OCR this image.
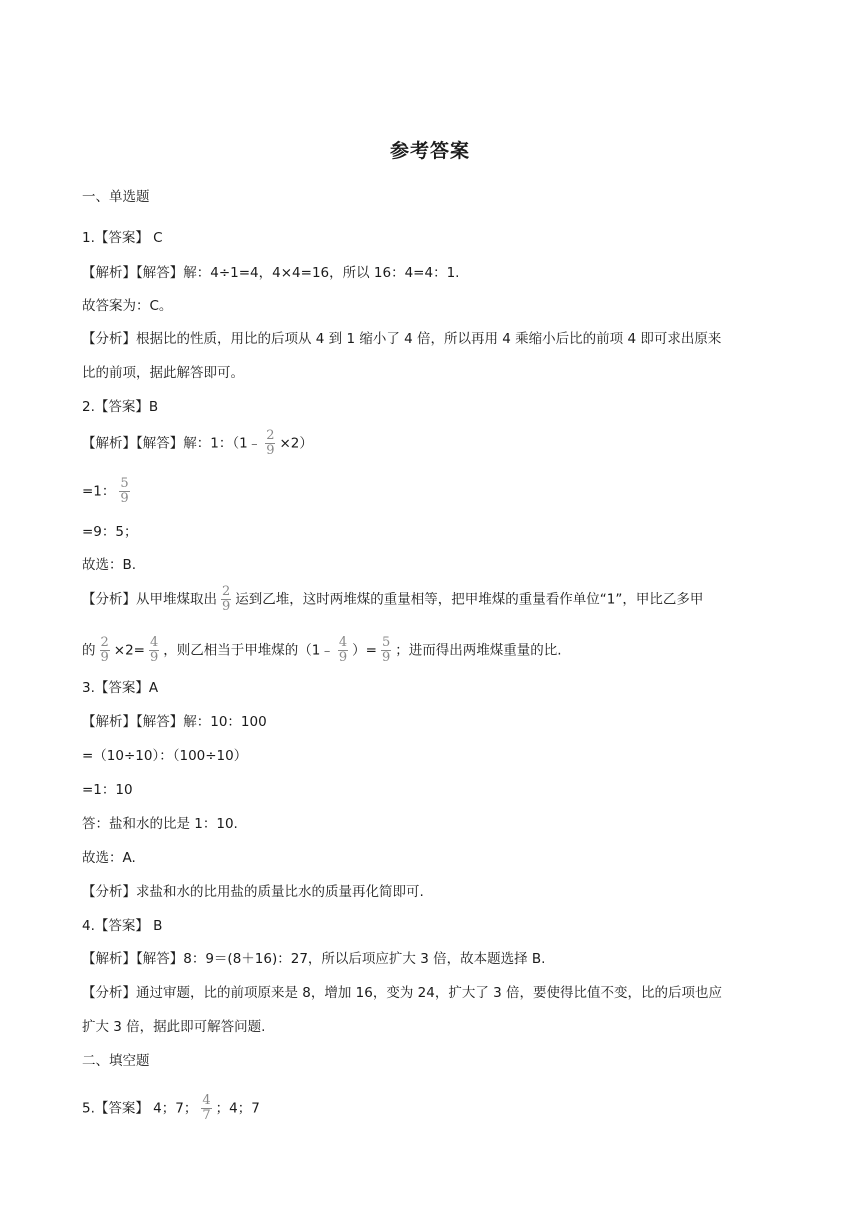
参考答案
一、单选题
1.【答案】 C
【解析】【解答】解：4÷1=4，4×4=16，所以 16：4=4：1.
故答案为：C。
【分析】根据比的性质，用比的后项从 4 到 1 缩小了 4 倍，所以再用 4 乘缩小后比的前项 4 即可求出原来
比的前项，据此解答即可。
2.【答案】B
【解析】【解答】解：1：（1﹣ $\frac{2}{9} \times 2$）
=1： $\frac{5}{9}$
=9：5；
故选：B.
【分析】从甲堆煤取出 $\frac{2}{9}$ 运到乙堆，这时两堆煤的重量相等，把甲堆煤的重量看作单位“1”，甲比乙多甲
的 $\frac{2}{9} \times 2= \frac{4}{9}$ ，则乙相当于甲堆煤的（1﹣ $\frac{4}{9}$ ）= $\frac{5}{9}$ ；进而得出两堆煤重量的比.
3.【答案】A
【解析】【解答】解：10：100
=（10÷10）：（100÷10）
=1：10
答：盐和水的比是 1：10.
故选：A.
【分析】求盐和水的比用盐的质量比水的质量再化简即可.
4.【答案】 B
【解析】【解答】8：9＝(8＋16)：27，所以后项应扩大 3 倍，故本题选择 B.
【分析】通过审题，比的前项原来是 8，增加 16，变为 24，扩大了 3 倍，要使得比值不变，比的后项也应
扩大 3 倍，据此即可解答问题.
二、填空题
5.【答案】 4；7； $\frac{4}{7}$ ；4；7
